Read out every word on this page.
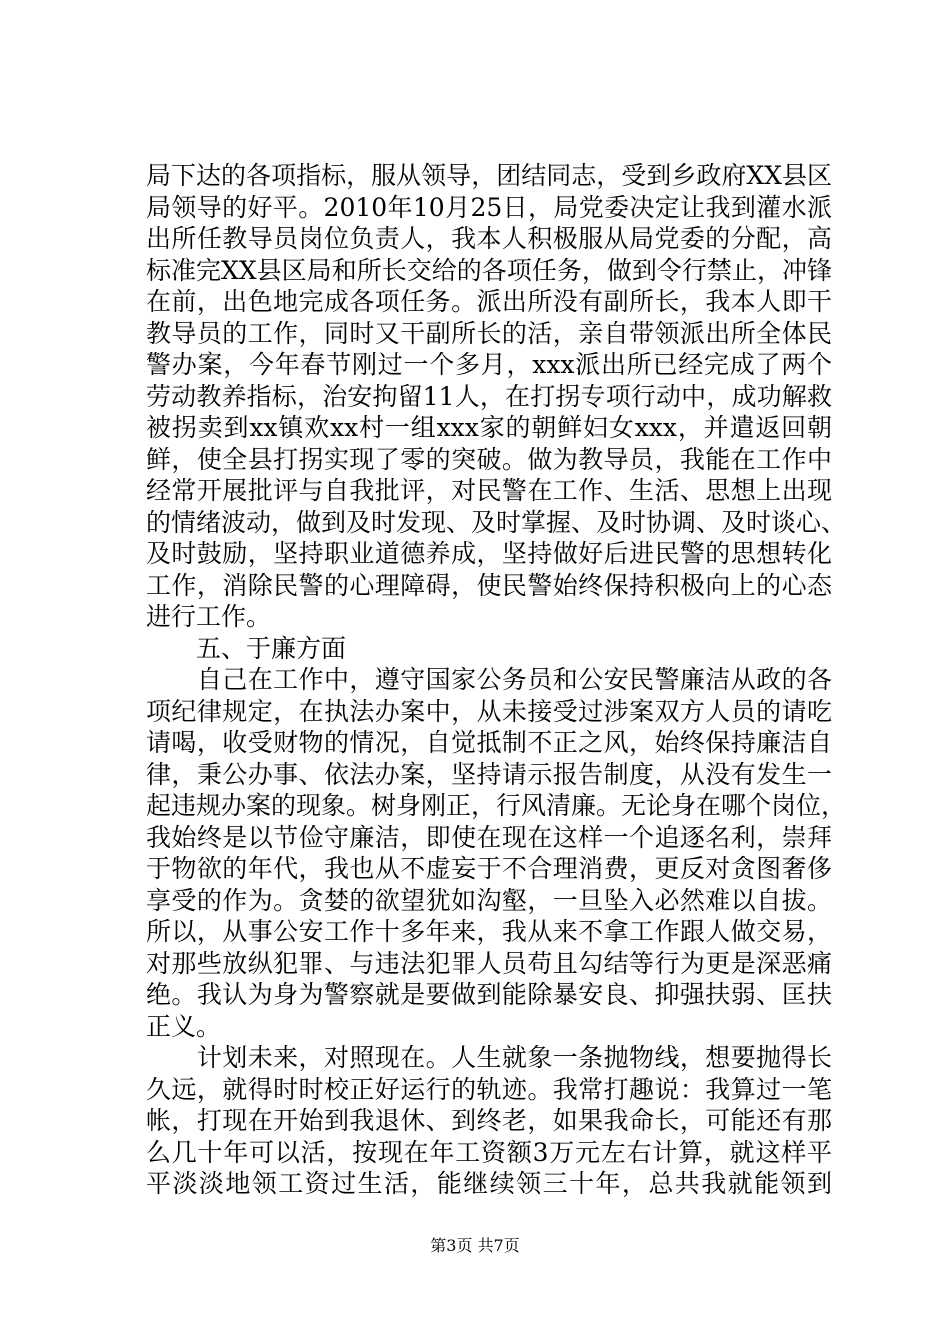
局下达的各项指标，服从领导，团结同志，受到乡政府XX县区
局领导的好平。2010年10月25日，局党委决定让我到灌水派
出所任教导员岗位负责人，我本人积极服从局党委的分配，高
标准完XX县区局和所长交给的各项任务，做到令行禁止，冲锋
在前，出色地完成各项任务。派出所没有副所长，我本人即干
教导员的工作，同时又干副所长的活，亲自带领派出所全体民
警办案，今年春节刚过一个多月，xxx派出所已经完成了两个
劳动教养指标，治安拘留11人，在打拐专项行动中，成功解救
被拐卖到xx镇欢xx村一组xxx家的朝鲜妇女xxx，并遣返回朝
鲜，使全县打拐实现了零的突破。做为教导员，我能在工作中
经常开展批评与自我批评，对民警在工作、生活、思想上出现
的情绪波动，做到及时发现、及时掌握、及时协调、及时谈心、
及时鼓励，坚持职业道德养成，坚持做好后进民警的思想转化
工作，消除民警的心理障碍，使民警始终保持积极向上的心态
进行工作。
　　五、于廉方面
　　自己在工作中，遵守国家公务员和公安民警廉洁从政的各
项纪律规定，在执法办案中，从未接受过涉案双方人员的请吃
请喝，收受财物的情况，自觉抵制不正之风，始终保持廉洁自
律，秉公办事、依法办案，坚持请示报告制度，从没有发生一
起违规办案的现象。树身刚正，行风清廉。无论身在哪个岗位，
我始终是以节俭守廉洁，即使在现在这样一个追逐名利，崇拜
于物欲的年代，我也从不虚妄于不合理消费，更反对贪图奢侈
享受的作为。贪婪的欲望犹如沟壑，一旦坠入必然难以自拔。
所以，从事公安工作十多年来，我从来不拿工作跟人做交易，
对那些放纵犯罪、与违法犯罪人员苟且勾结等行为更是深恶痛
绝。我认为身为警察就是要做到能除暴安良、抑强扶弱、匡扶
正义。
　　计划未来，对照现在。人生就象一条抛物线，想要抛得长
久远，就得时时校正好运行的轨迹。我常打趣说：我算过一笔
帐，打现在开始到我退休、到终老，如果我命长，可能还有那
么几十年可以活，按现在年工资额3万元左右计算，就这样平
平淡淡地领工资过生活，能继续领三十年，总共我就能领到
第3页 共7页
